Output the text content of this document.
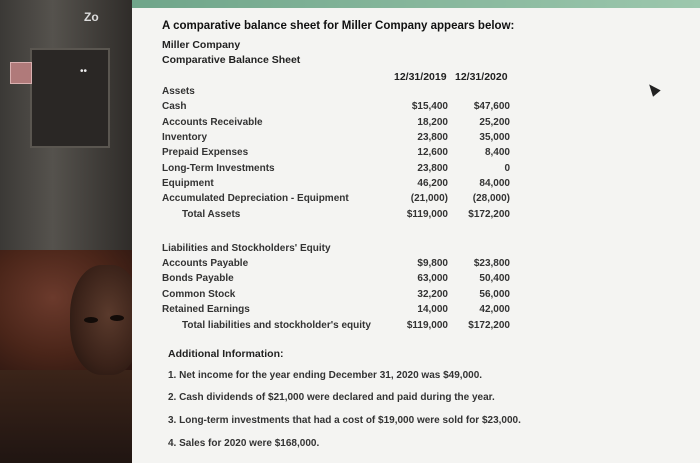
••
Zo
A comparative balance sheet for Miller Company appears below:
Miller Company
Comparative Balance Sheet
12/31/2019 12/31/2020
Assets
Cash	$15,400	$47,600
Accounts Receivable	18,200	25,200
Inventory	23,800	35,000
Prepaid Expenses	12,600	8,400
Long-Term Investments	23,800	0
Equipment	46,200	84,000
Accumulated Depreciation - Equipment	(21,000)	(28,000)
Total Assets	$119,000	$172,200
Liabilities and Stockholders' Equity
Accounts Payable	$9,800	$23,800
Bonds Payable	63,000	50,400
Common Stock	32,200	56,000
Retained Earnings	14,000	42,000
Total liabilities and stockholder's equity	$119,000	$172,200
Additional Information:
1. Net income for the year ending December 31, 2020 was $49,000.
2. Cash dividends of $21,000 were declared and paid during the year.
3. Long-term investments that had a cost of $19,000 were sold for $23,000.
4. Sales for 2020 were $168,000.
